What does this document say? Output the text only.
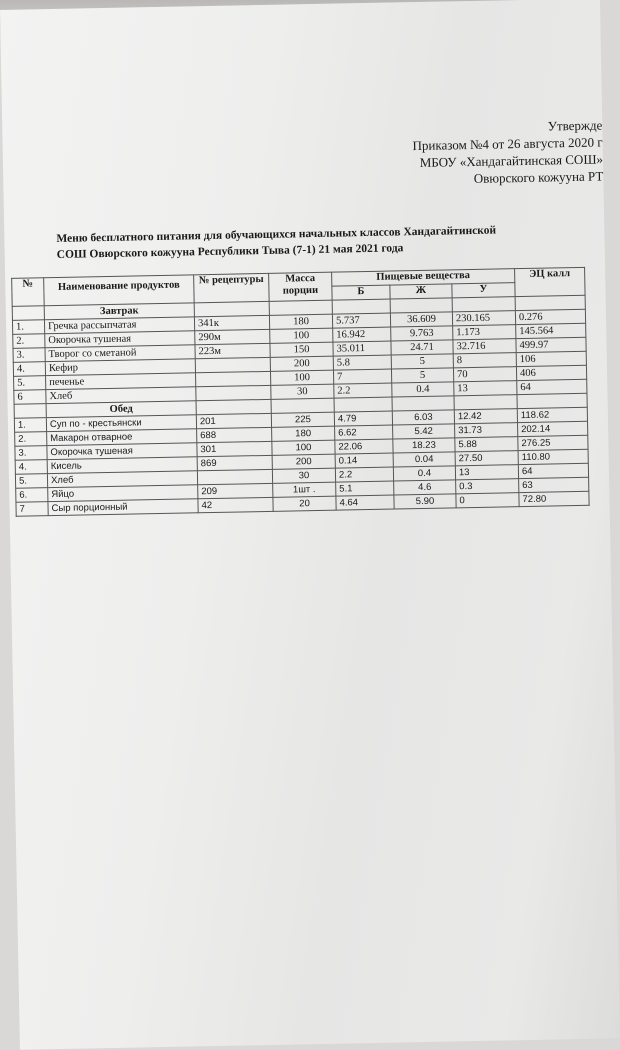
Утвержде
Приказом №4 от 26 августа 2020 г
МБОУ «Хандагайтинская СОШ»
Овюрского кожууна РТ
Меню бесплатного питания для обучающихся начальных классов Хандагайтинской
СОШ Овюрского кожууна Республики Тыва (7-1) 21 мая 2021 года
№	Наименование продуктов	№ рецептуры	Масса порции	Пищевые вещества			ЭЦ калл
				Б	Ж	У	
	Завтрак						
1.	Гречка рассыпчатая	341к	180	5.737	36.609	230.165	0.276
2.	Окорочка тушеная	290м	100	16.942	9.763	1.173	145.564
3.	Творог со сметаной	223м	150	35.011	24.71	32.716	499.97
4.	Кефир		200	5.8	5	8	106
5.	печенье		100	7	5	70	406
6	Хлеб		30	2.2	0.4	13	64
	Обед						
1.	Суп по - крестьянски	201	225	4.79	6.03	12.42	118.62
2.	Макарон отварное	688	180	6.62	5.42	31.73	202.14
3.	Окорочка тушеная	301	100	22.06	18.23	5.88	276.25
4.	Кисель	869	200	0.14	0.04	27.50	110.80
5.	Хлеб		30	2.2	0.4	13	64
6.	Яйцо	209	1шт .	5.1	4.6	0.3	63
7	Сыр порционный	42	20	4.64	5.90	0	72.80
